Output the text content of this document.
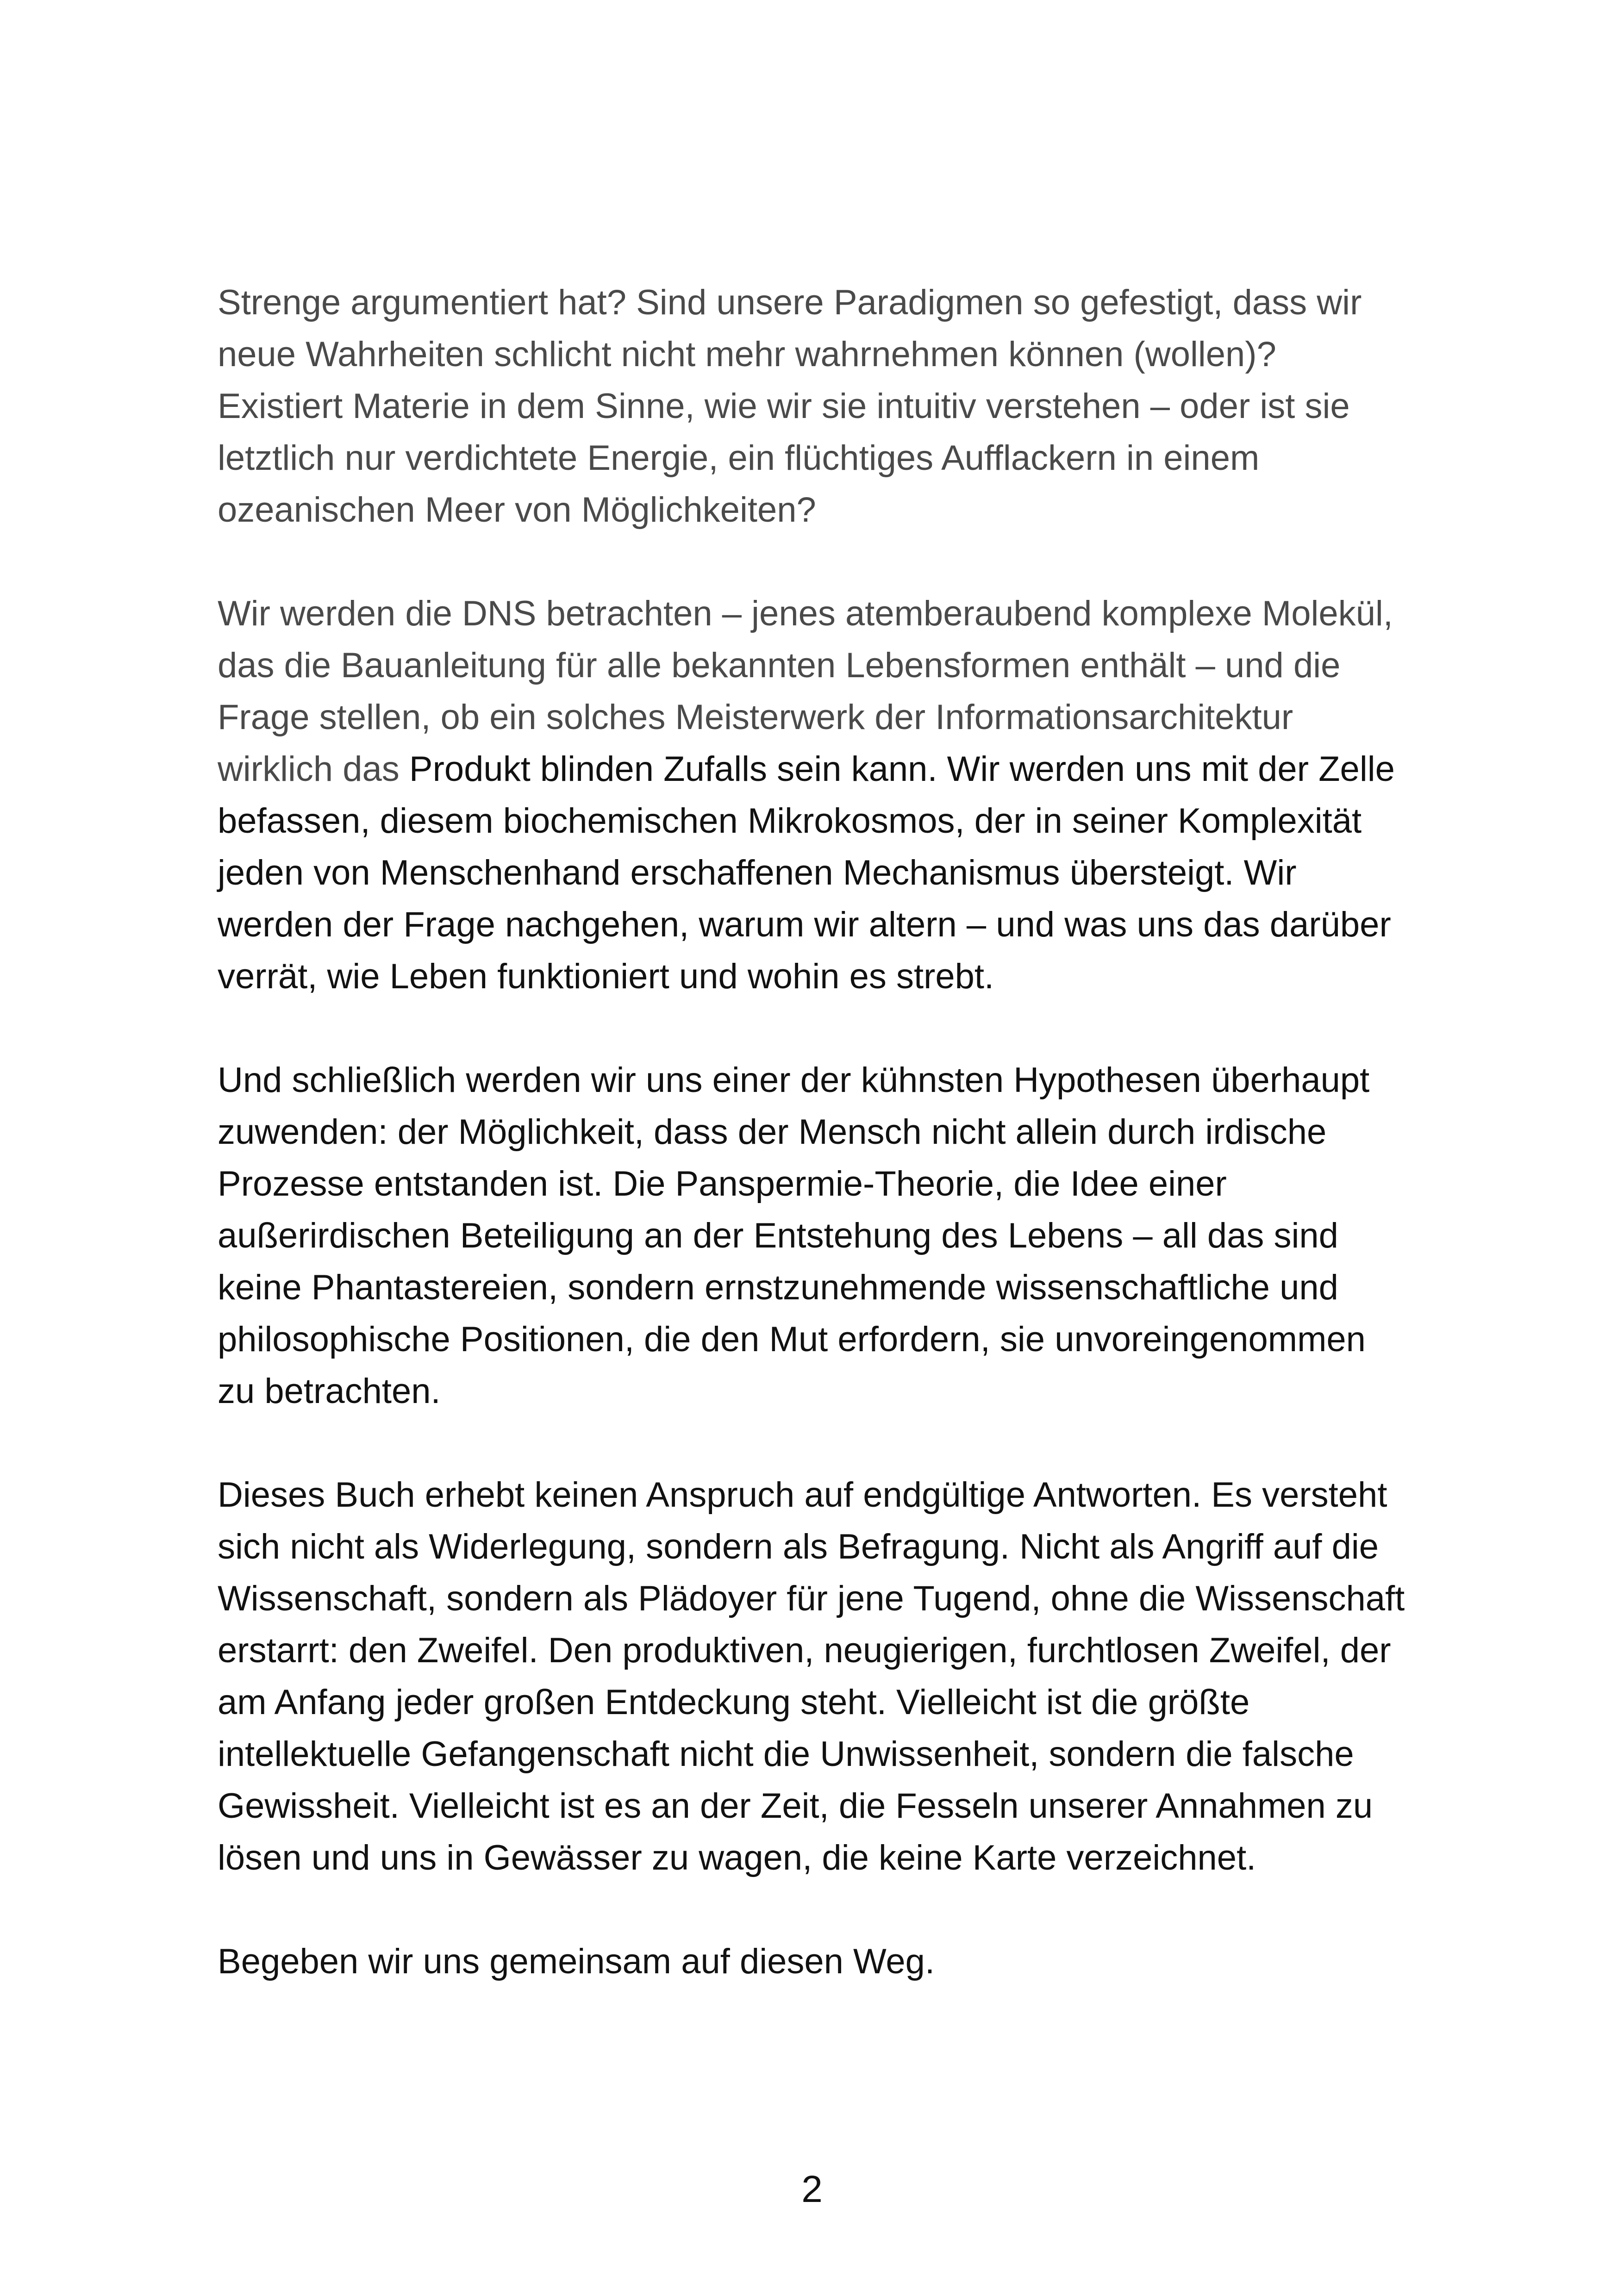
Strenge argumentiert hat? Sind unsere Paradigmen so gefestigt, dass wir
neue Wahrheiten schlicht nicht mehr wahrnehmen können (wollen)?
Existiert Materie in dem Sinne, wie wir sie intuitiv verstehen – oder ist sie
letztlich nur verdichtete Energie, ein flüchtiges Aufflackern in einem
ozeanischen Meer von Möglichkeiten?

Wir werden die DNS betrachten – jenes atemberaubend komplexe Molekül,
das die Bauanleitung für alle bekannten Lebensformen enthält – und die
Frage stellen, ob ein solches Meisterwerk der Informationsarchitektur
wirklich das Produkt blinden Zufalls sein kann. Wir werden uns mit der Zelle
befassen, diesem biochemischen Mikrokosmos, der in seiner Komplexität
jeden von Menschenhand erschaffenen Mechanismus übersteigt. Wir
werden der Frage nachgehen, warum wir altern – und was uns das darüber
verrät, wie Leben funktioniert und wohin es strebt.

Und schließlich werden wir uns einer der kühnsten Hypothesen überhaupt
zuwenden: der Möglichkeit, dass der Mensch nicht allein durch irdische
Prozesse entstanden ist. Die Panspermie-Theorie, die Idee einer
außerirdischen Beteiligung an der Entstehung des Lebens – all das sind
keine Phantastereien, sondern ernstzunehmende wissenschaftliche und
philosophische Positionen, die den Mut erfordern, sie unvoreingenommen
zu betrachten.

Dieses Buch erhebt keinen Anspruch auf endgültige Antworten. Es versteht
sich nicht als Widerlegung, sondern als Befragung. Nicht als Angriff auf die
Wissenschaft, sondern als Plädoyer für jene Tugend, ohne die Wissenschaft
erstarrt: den Zweifel. Den produktiven, neugierigen, furchtlosen Zweifel, der
am Anfang jeder großen Entdeckung steht. Vielleicht ist die größte
intellektuelle Gefangenschaft nicht die Unwissenheit, sondern die falsche
Gewissheit. Vielleicht ist es an der Zeit, die Fesseln unserer Annahmen zu
lösen und uns in Gewässer zu wagen, die keine Karte verzeichnet.

Begeben wir uns gemeinsam auf diesen Weg.

2
